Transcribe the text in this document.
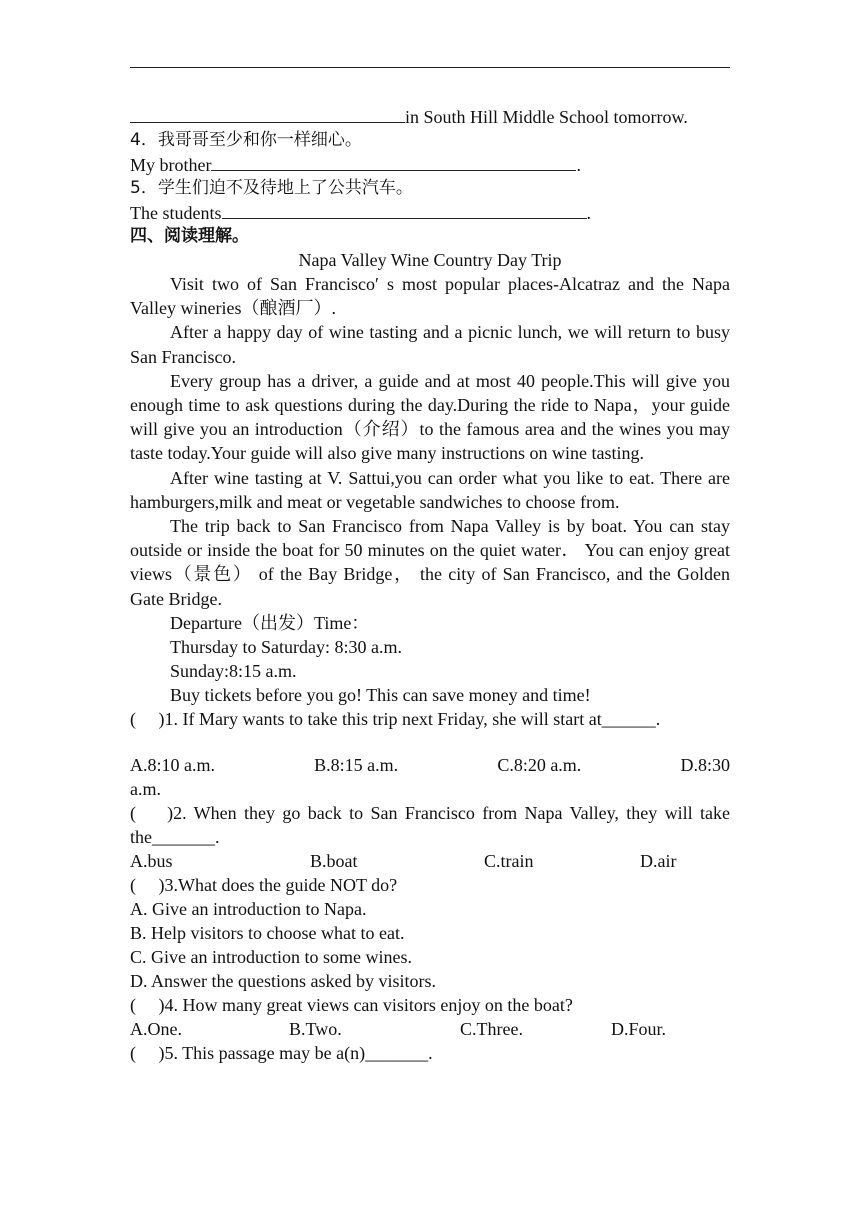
in South Hill Middle School tomorrow.
4．我哥哥至少和你一样细心。
My brother	.
5．学生们迫不及待地上了公共汽车。
The students	.
四、阅读理解。
Napa Valley Wine Country Day Trip
Visit two of San Francisco′ s most popular places-Alcatraz and the Napa Valley wineries（酿酒厂）.
After a happy day of wine tasting and a picnic lunch, we will return to busy San Francisco.
Every group has a driver, a guide and at most 40 people.This will give you enough time to ask questions during the day.During the ride to Napa，your guide will give you an introduction（介绍）to the famous area and the wines you may taste today.Your guide will also give many instructions on wine tasting.
After wine tasting at V. Sattui,you can order what you like to eat. There are hamburgers,milk and meat or vegetable sandwiches to choose from.
The trip back to San Francisco from Napa Valley is by boat. You can stay outside or inside the boat for 50 minutes on the quiet water． You can enjoy great views（景色） of the Bay Bridge， the city of San Francisco, and the Golden Gate Bridge.
Departure（出发）Time：
Thursday to Saturday: 8:30 a.m.
Sunday:8:15 a.m.
Buy tickets before you go! This can save money and time!
(　 )1. If Mary wants to take this trip next Friday, she will start at______.
A.8:10 a.m.	B.8:15 a.m.	C.8:20 a.m.	D.8:30
a.m.
(　 )2. When they go back to San Francisco from Napa Valley, they will take the_______.
A.bus	B.boat	C.train	D.air
(　 )3.What does the guide NOT do?
A. Give an introduction to Napa.
B. Help visitors to choose what to eat.
C. Give an introduction to some wines.
D. Answer the questions asked by visitors.
(　 )4. How many great views can visitors enjoy on the boat?
A.One.	B.Two.	C.Three.	D.Four.
(　 )5. This passage may be a(n)_______.
